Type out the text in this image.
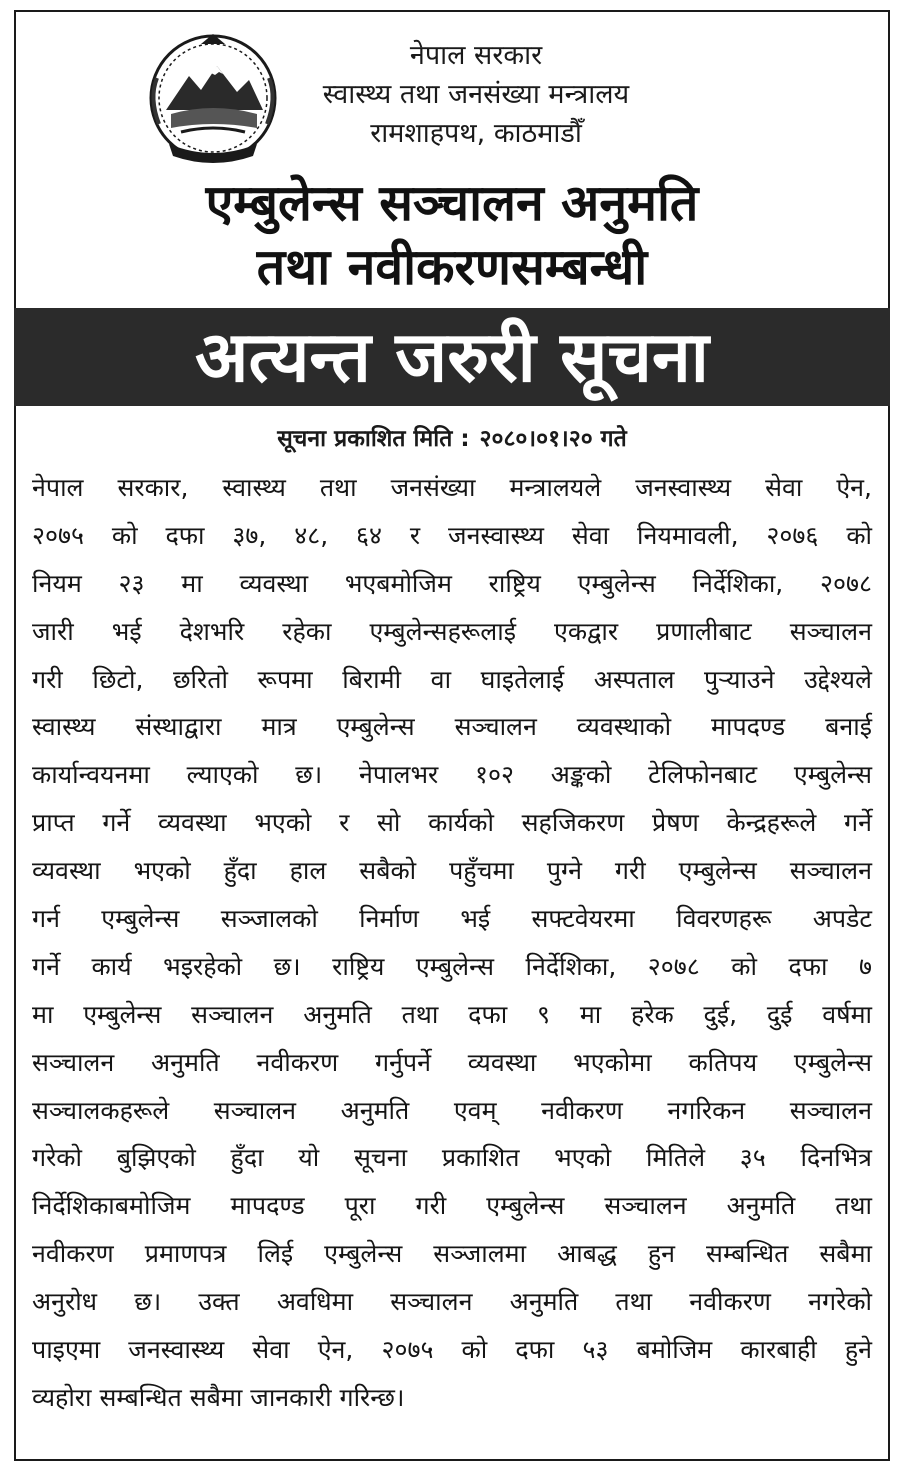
नेपाल सरकार
स्वास्थ्य तथा जनसंख्या मन्त्रालय
रामशाहपथ, काठमाडौँ
एम्बुलेन्स सञ्चालन अनुमति
तथा नवीकरणसम्बन्धी
अत्यन्त जरुरी सूचना
सूचना प्रकाशित मिति : २०८०।०१।२० गते
नेपाल सरकार, स्वास्थ्य तथा जनसंख्या मन्त्रालयले जनस्वास्थ्य सेवा ऐन,
२०७५ को दफा ३७, ४८, ६४ र जनस्वास्थ्य सेवा नियमावली, २०७६ को
नियम २३ मा व्यवस्था भएबमोजिम राष्ट्रिय एम्बुलेन्स निर्देशिका, २०७८
जारी भई देशभरि रहेका एम्बुलेन्सहरूलाई एकद्वार प्रणालीबाट सञ्चालन
गरी छिटो, छरितो रूपमा बिरामी वा घाइतेलाई अस्पताल पुर्‍याउने उद्देश्यले
स्वास्थ्य संस्थाद्वारा मात्र एम्बुलेन्स सञ्चालन व्यवस्थाको मापदण्ड बनाई
कार्यान्वयनमा ल्याएको छ। नेपालभर १०२ अङ्कको टेलिफोनबाट एम्बुलेन्स
प्राप्त गर्ने व्यवस्था भएको र सो कार्यको सहजिकरण प्रेषण केन्द्रहरूले गर्ने
व्यवस्था भएको हुँदा हाल सबैको पहुँचमा पुग्ने गरी एम्बुलेन्स सञ्चालन
गर्न एम्बुलेन्स सञ्जालको निर्माण भई सफ्टवेयरमा विवरणहरू अपडेट
गर्ने कार्य भइरहेको छ। राष्ट्रिय एम्बुलेन्स निर्देशिका, २०७८ को दफा ७
मा एम्बुलेन्स सञ्चालन अनुमति तथा दफा ९ मा हरेक दुई, दुई वर्षमा
सञ्चालन अनुमति नवीकरण गर्नुपर्ने व्यवस्था भएकोमा कतिपय एम्बुलेन्स
सञ्चालकहरूले सञ्चालन अनुमति एवम् नवीकरण नगरिकन सञ्चालन
गरेको बुझिएको हुँदा यो सूचना प्रकाशित भएको मितिले ३५ दिनभित्र
निर्देशिकाबमोजिम मापदण्ड पूरा गरी एम्बुलेन्स सञ्चालन अनुमति तथा
नवीकरण प्रमाणपत्र लिई एम्बुलेन्स सञ्जालमा आबद्ध हुन सम्बन्धित सबैमा
अनुरोध छ। उक्त अवधिमा सञ्चालन अनुमति तथा नवीकरण नगरेको
पाइएमा जनस्वास्थ्य सेवा ऐन, २०७५ को दफा ५३ बमोजिम कारबाही हुने
व्यहोरा सम्बन्धित सबैमा जानकारी गरिन्छ।
